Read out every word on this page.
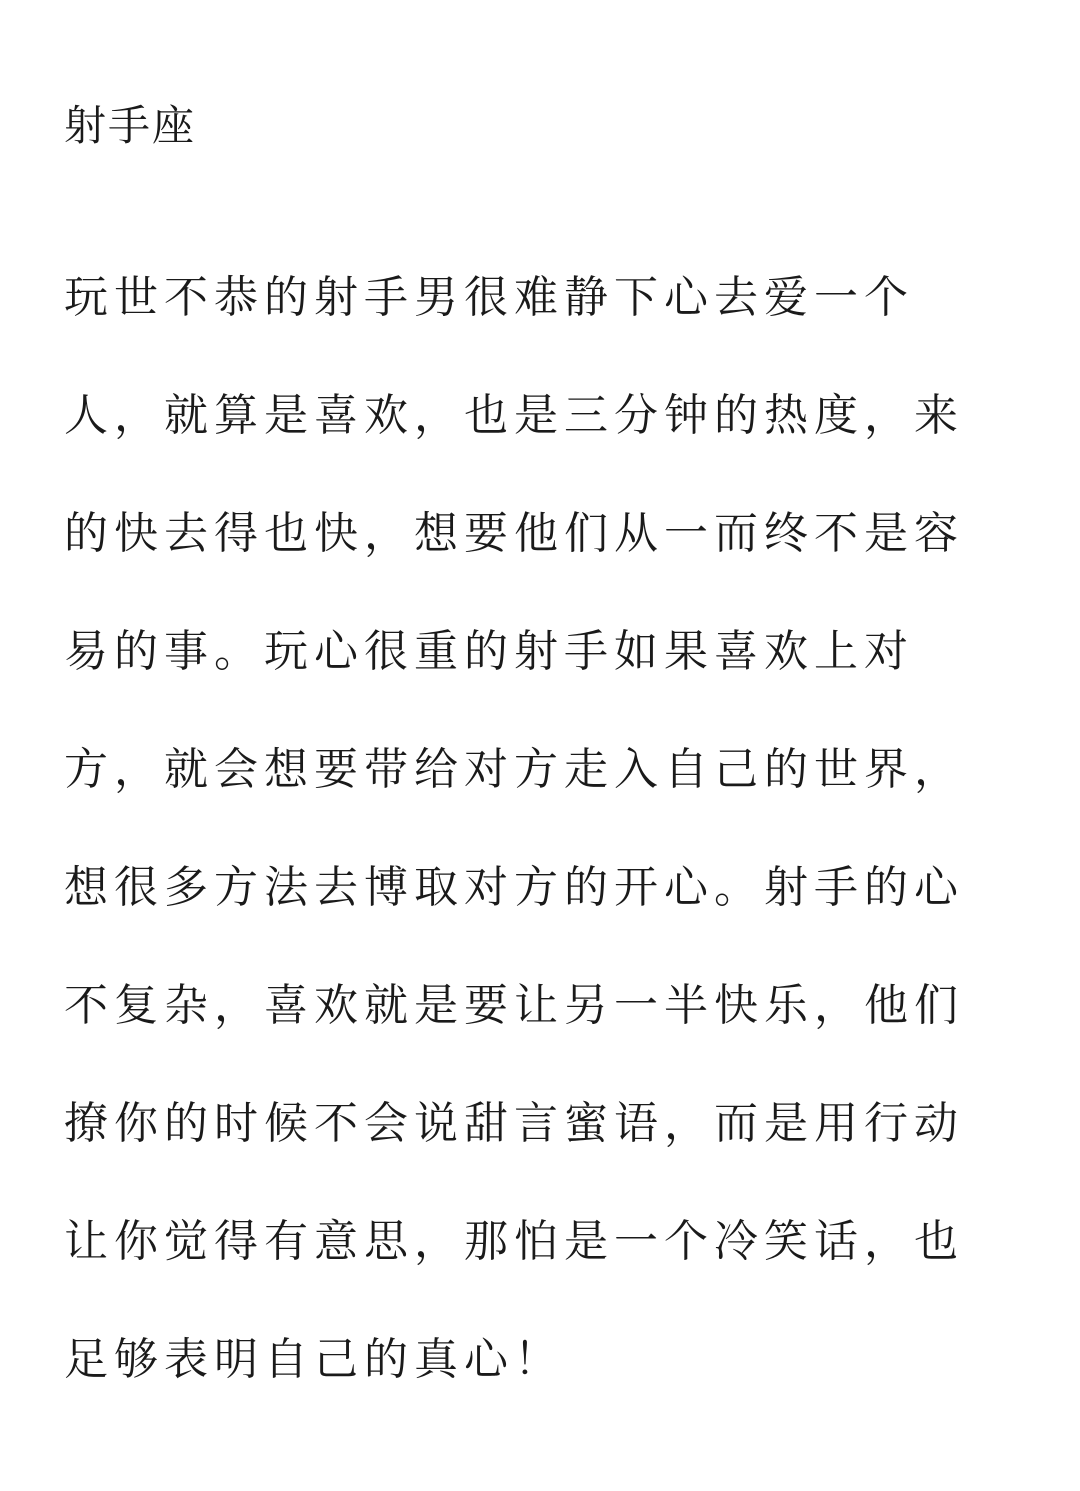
射手座
玩世不恭的射手男很难静下心去爱一个
人，就算是喜欢，也是三分钟的热度，来
的快去得也快，想要他们从一而终不是容
易的事。玩心很重的射手如果喜欢上对
方，就会想要带给对方走入自己的世界，
想很多方法去博取对方的开心。射手的心
不复杂，喜欢就是要让另一半快乐，他们
撩你的时候不会说甜言蜜语，而是用行动
让你觉得有意思，那怕是一个冷笑话，也
足够表明自己的真心！
